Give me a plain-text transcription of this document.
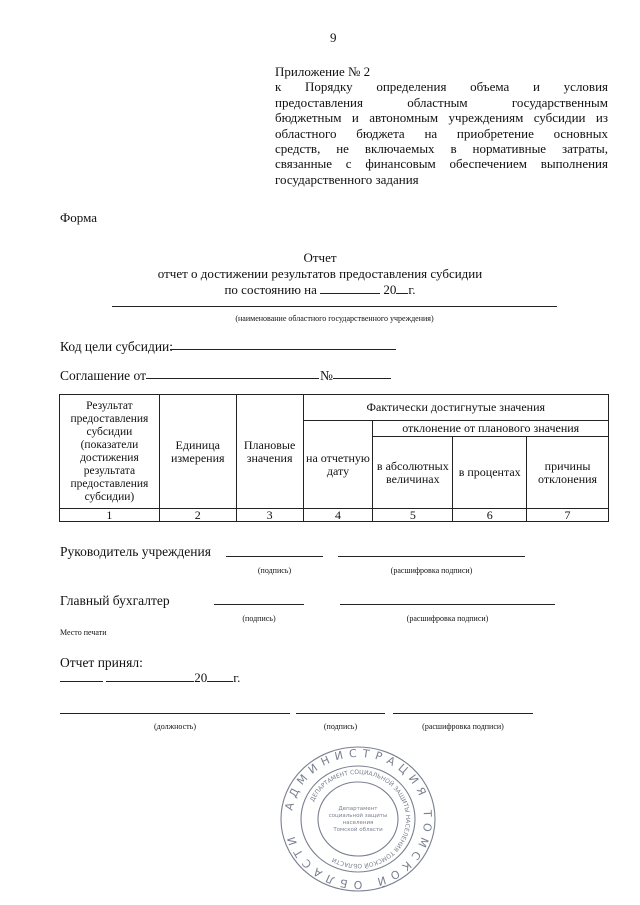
9
Приложение № 2
к Порядку определения объема и условия
предоставления областным государственным
бюджетным и автономным учреждениям субсидии из
областного бюджета на приобретение основных
средств, не включаемых в нормативные затраты,
связанные с финансовым обеспечением выполнения
государственного задания
Форма
Отчет
отчет о достижении результатов предоставления субсидии
по состоянию на	20 г.
(наименование областного государственного учреждения)
Код цели субсидии:
Соглашение от	№
Результат предоставления субсидии (показатели достижения результата предоставления субсидии)	Единица измерения	Плановые значения	Фактически достигнутые значения			
			на отчетную дату	отклонение от планового значения		
				в абсолютных величинах	в процентах	причины отклонения
1	2	3	4	5	6	7
Руководитель учреждения
(подпись)	(расшифровка подписи)
Главный бухгалтер
(подпись)	(расшифровка подписи)
Место печати
Отчет принял:
20 г.
(должность)	(подпись)	(расшифровка подписи)
АДМИНИСТРАЦИЯ ТОМСКОЙ ОБЛАСТИ
ДЕПАРТАМЕНТ СОЦИАЛЬНОЙ ЗАЩИТЫ НАСЕЛЕНИЯ ТОМСКОЙ ОБЛАСТИ
Департамент
социальной защиты
населения
Томской области
